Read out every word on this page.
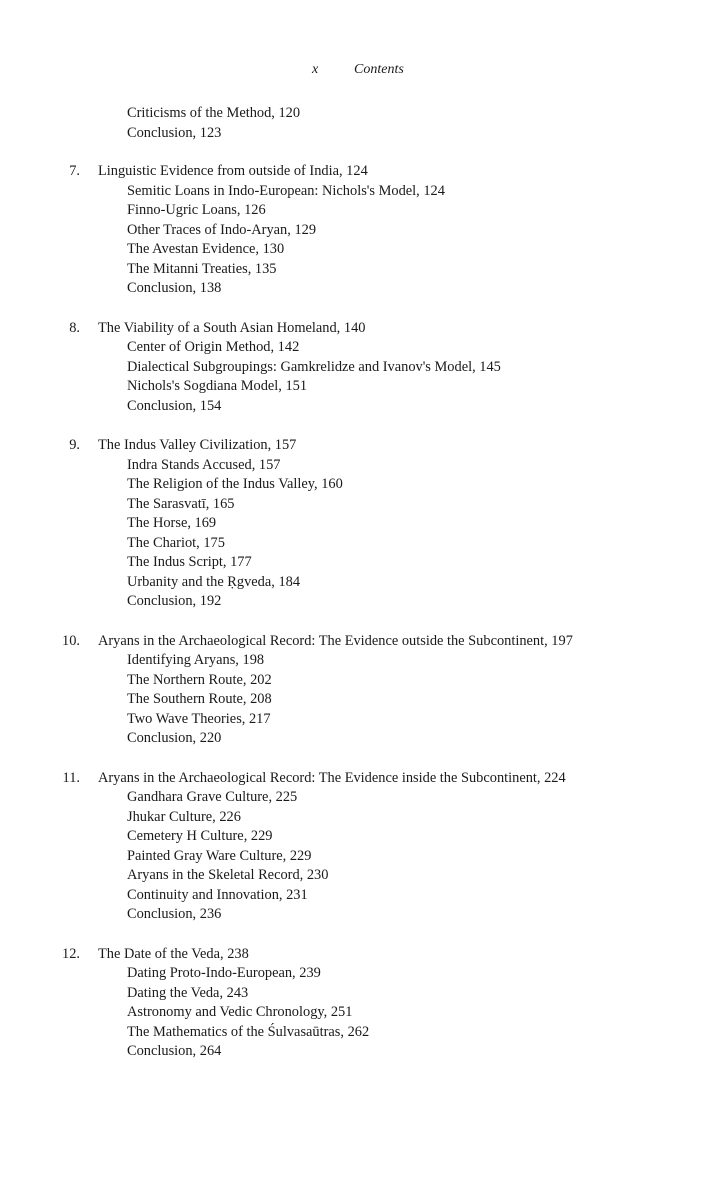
x	Contents
Criticisms of the Method, 120
Conclusion, 123
7. Linguistic Evidence from outside of India, 124
Semitic Loans in Indo-European: Nichols's Model, 124
Finno-Ugric Loans, 126
Other Traces of Indo-Aryan, 129
The Avestan Evidence, 130
The Mitanni Treaties, 135
Conclusion, 138
8. The Viability of a South Asian Homeland, 140
Center of Origin Method, 142
Dialectical Subgroupings: Gamkrelidze and Ivanov's Model, 145
Nichols's Sogdiana Model, 151
Conclusion, 154
9. The Indus Valley Civilization, 157
Indra Stands Accused, 157
The Religion of the Indus Valley, 160
The Sarasvatī, 165
The Horse, 169
The Chariot, 175
The Indus Script, 177
Urbanity and the Ṛgveda, 184
Conclusion, 192
10. Aryans in the Archaeological Record: The Evidence outside the Subcontinent, 197
Identifying Aryans, 198
The Northern Route, 202
The Southern Route, 208
Two Wave Theories, 217
Conclusion, 220
11. Aryans in the Archaeological Record: The Evidence inside the Subcontinent, 224
Gandhara Grave Culture, 225
Jhukar Culture, 226
Cemetery H Culture, 229
Painted Gray Ware Culture, 229
Aryans in the Skeletal Record, 230
Continuity and Innovation, 231
Conclusion, 236
12. The Date of the Veda, 238
Dating Proto-Indo-European, 239
Dating the Veda, 243
Astronomy and Vedic Chronology, 251
The Mathematics of the Śulvasaūtras, 262
Conclusion, 264
